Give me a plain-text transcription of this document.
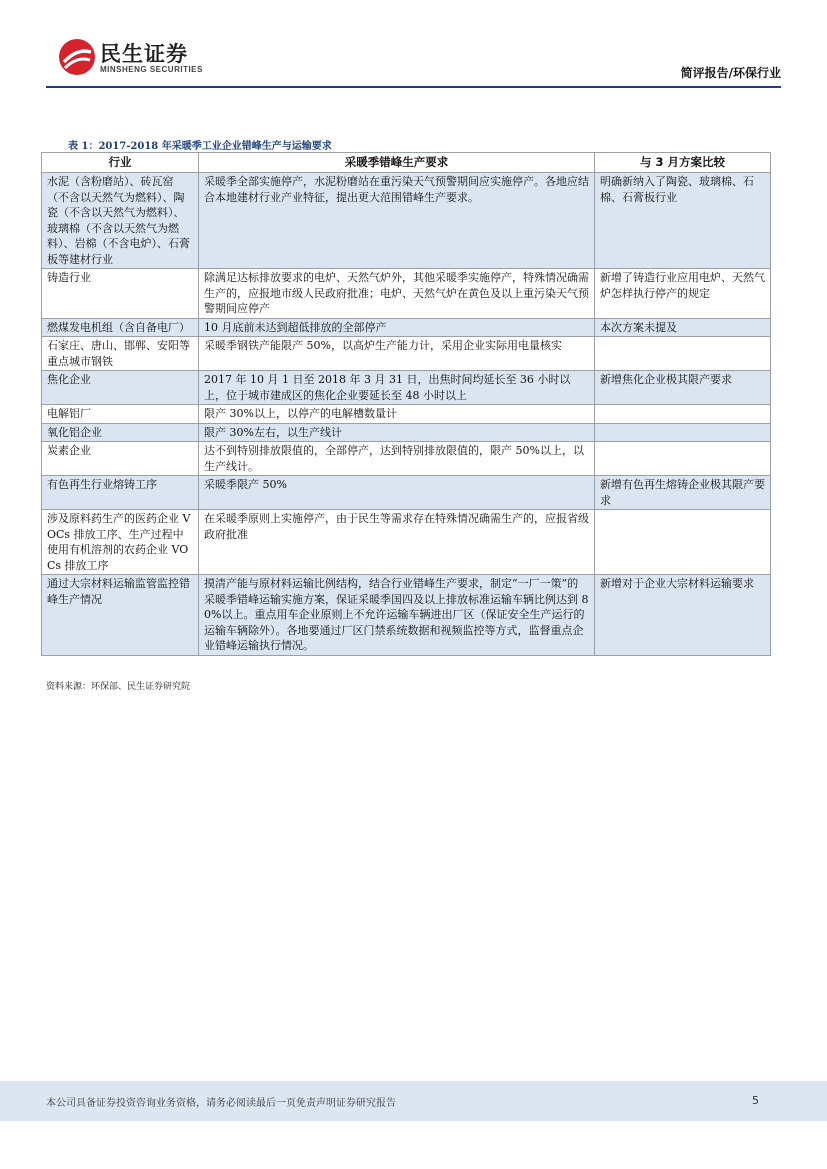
民生证券
MINSHENG SECURITIES	简评报告/环保行业
表 1：2017-2018 年采暖季工业企业错峰生产与运输要求
行业	采暖季错峰生产要求	与 3 月方案比较
水泥（含粉磨站）、砖瓦窑（不含以天然气为燃料）、陶瓷（不含以天然气为燃料）、玻璃棉（不含以天然气为燃料）、岩棉（不含电炉）、石膏板等建材行业	采暖季全部实施停产，水泥粉磨站在重污染天气预警期间应实施停产。各地应结合本地建材行业产业特征，提出更大范围错峰生产要求。	明确新纳入了陶瓷、玻璃棉、石棉、石膏板行业
铸造行业	除满足达标排放要求的电炉、天然气炉外，其他采暖季实施停产，特殊情况确需生产的，应报地市级人民政府批准；电炉、天然气炉在黄色及以上重污染天气预警期间应停产	新增了铸造行业应用电炉、天然气炉怎样执行停产的规定
燃煤发电机组（含自备电厂）	10 月底前未达到超低排放的全部停产	本次方案未提及
石家庄、唐山、邯郸、安阳等重点城市钢铁	采暖季钢铁产能限产 50%，以高炉生产能力计，采用企业实际用电量核实	
焦化企业	2017 年 10 月 1 日至 2018 年 3 月 31 日，出焦时间均延长至 36 小时以上，位于城市建成区的焦化企业要延长至 48 小时以上	新增焦化企业极其限产要求
电解铝厂	限产 30%以上，以停产的电解槽数量计	
氧化铝企业	限产 30%左右，以生产线计	
炭素企业	达不到特别排放限值的，全部停产，达到特别排放限值的，限产 50%以上，以生产线计。	
有色再生行业熔铸工序	采暖季限产 50%	新增有色再生熔铸企业极其限产要求
涉及原料药生产的医药企业 VOCs 排放工序、生产过程中使用有机溶剂的农药企业 VOCs 排放工序	在采暖季原则上实施停产，由于民生等需求存在特殊情况确需生产的，应报省级政府批准	
通过大宗材料运输监管监控错峰生产情况	摸清产能与原材料运输比例结构，结合行业错峰生产要求，制定“一厂一策”的采暖季错峰运输实施方案，保证采暖季国四及以上排放标准运输车辆比例达到 80%以上。重点用车企业原则上不允许运输车辆进出厂区（保证安全生产运行的运输车辆除外）。各地要通过厂区门禁系统数据和视频监控等方式，监督重点企业错峰运输执行情况。	新增对于企业大宗材料运输要求
资料来源：环保部、民生证券研究院
本公司具备证券投资咨询业务资格，请务必阅读最后一页免责声明证券研究报告	5
